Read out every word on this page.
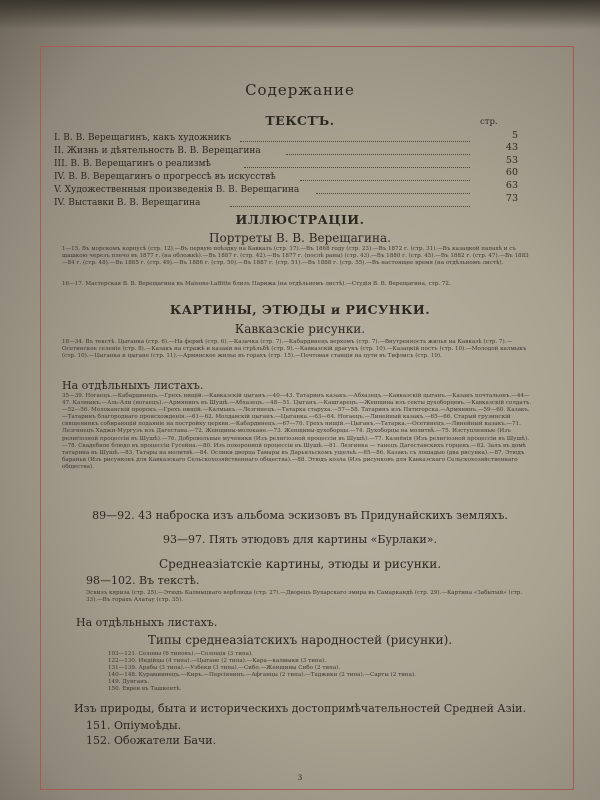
Содержание
ТЕКСТЪ.	стр.
I. В. В. Верещагинъ, какъ художникъ	5
II. Жизнь и дѣятельность В. В. Верещагина	43
III. В. В. Верещагинъ о реализмѣ	53
IV. В. В. Верещагинъ о прогрессѣ въ искусствѣ	60
V. Художественныя произведенія В. В. Верещагина	63
IV. Выставки В. В. Верещагина	73
ИЛЛЮСТРАЦІИ.
Портреты В. В. Верещагина.
1—15. Въ морскомъ корпусѣ (стр. 12).—Въ первую поѣздку на Кавказъ (стр. 17).—Въ 1868 году (стр. 23).—Въ 1872 г. (стр. 31).—Въ казацкой папахѣ и съ шашкою черезъ плечо въ 1877 г. (на обложкѣ).—Въ 1887 г. (стр. 42).—Въ 1877 г. (послѣ раны) (стр. 43).—Въ 1880 г. (стр. 45).—Въ 1882 г. (стр. 47).—Въ 1883—84 г. (стр. 48).—Въ 1885 г. (стр. 49).—Въ 1886 г. (стр. 50).—Въ 1887 г. (стр. 51).—Въ 1888 г. (стр. 55).—Въ настоящее время (на отдѣльномъ листѣ).
16—17. Мастерская В. В. Верещагина въ Maisons-Laffitte близъ Парижа (на отдѣльномъ листѣ).—Студія В. В. Верещагина, стр. 72.
КАРТИНЫ, ЭТЮДЫ и РИСУНКИ.
Кавказскіе рисунки.
18—34. Въ текстѣ. Цыганка (стр. 6).—На фермѣ (стр. 6).—Казачка (стр. 7).—Кабардинецъ верхомъ (стр. 7).—Внутренность жилья на Кавказѣ (стр. 7).—Осетинское селеніе (стр. 8).—Казакъ на стражѣ и казаки на стрѣльбѣ (стр. 9).—Кавказскій драгунъ (стр. 10).—Казацкій постъ (стр. 10).—Молодой калмыкъ (стр. 10).—Цыганка и цыгане (стр. 11).—Армянское жилье въ горахъ (стр. 15).—Почтовая станція на пути въ Тифлисъ (стр. 19).
На отдѣльныхъ листахъ.
35—39. Ногаецъ.—Кабардинецъ.—Грехъ нищій.—Кавказскій цыганъ.—40—43. Татаринъ казакъ.—Абхазецъ.—Кавказскій цыганъ.—Казакъ почтальонъ.—44—47. Калмыкъ.—Аль-Али (ногаецъ).—Армянинъ въ Шушѣ.—Абхазецъ.—48—51. Цыганъ.—Кашгарецъ.—Женщина изъ секты духоборцевъ.—Кавказскій солдатъ.—52—56. Молоканскій пророкъ.—Грехъ нищій.—Калмыкъ.—Лезгинецъ.—Татарка старуха.—57—58. Татаринъ изъ Пятигорска.—Армянинъ.—59—60. Казакъ.—Татаринъ благороднаго происхожденія.—61—62. Молдавскій цыганъ.—Цыганка.—63—64. Ногаецъ.—Линейный казакъ.—65—66. Старый грузинскій священникъ собирающій подаяніе на постройку церкви.—Кабардинецъ.—67—70. Грехъ нищій.—Цыганъ.—Татарка.—Осетинецъ.—Линейный казакъ.—71. Лезгинецъ Хаджи-Мургузъ изъ Дагестана.—72. Женщины-молокане.—73. Женщины-духоборцы.—74. Духоборцы на молитвѣ.—75. Изступленные (Изъ религіозной процессіи въ Шушѣ).—76. Добровольные мученики (Изъ религіозной процессіи въ Шушѣ).—77. Казнёнія (Изъ религіозной процессіи въ Шушѣ).—78. Свадебное блюдо въ процессіи Гусейна.—80. Изъ похоронной процессіи въ Шушѣ.—81. Лезгинка — танецъ Дагестанскихъ горцевъ.—82. Залъ въ домѣ татарина въ Шушѣ.—83. Татары на молитвѣ.—84. Ослики дворца Тамары въ Дарьяльскомъ ущельѣ.—85—86. Казакъ съ лошадью (два рисунка).—87. Этюдъ бараньи (Изъ рисунковъ для Кавказскаго Сельскохозяйственнаго общества).—88. Этюдъ козла (Изъ рисунковъ для Кавказскаго Сельскохозяйственнаго общества).
89—92. 43 наброска изъ альбома эскизовъ въ Придунайскихъ земляхъ.
93—97. Пять этюдовъ для картины «Бурлаки».
Среднеазіатскіе картины, этюды и рисунки.
98—102. Въ текстѣ.
Эскизъ кяриза (стр. 25).—Этюдъ Калмыцкаго верблюда (стр. 27).—Дворецъ Бухарскаго эмира въ Самаркандѣ (стр. 29).—Картина «Забытый» (стр. 33).—Въ горахъ Алатау (стр. 35).
На отдѣльныхъ листахъ.
Типы среднеазіатскихъ народностей (рисунки).
103—121. Солоны (6 типовъ).—Солощія (3 типа).
122—130. Индійцы (4 типа).—Цыгане (2 типа).—Кара—калмыки (3 типа).
131—139. Арабы (3 типа).—Узбеки (3 типа).—Сибо.—Женщины Сибо (2 типа).
140—148. Курамиинецъ.—Киръ.—Персіянинъ.—Афганцы (2 типа).—Таджики (2 типа).—Сарты (2 типа).
149. Дунганъ.
150. Евреи въ Ташкентѣ.
Изъ природы, быта и историческихъ достопримѣчательностей Средней Азіи.
151. Опіумоѣды.
152. Обожатели Бачи.
3
